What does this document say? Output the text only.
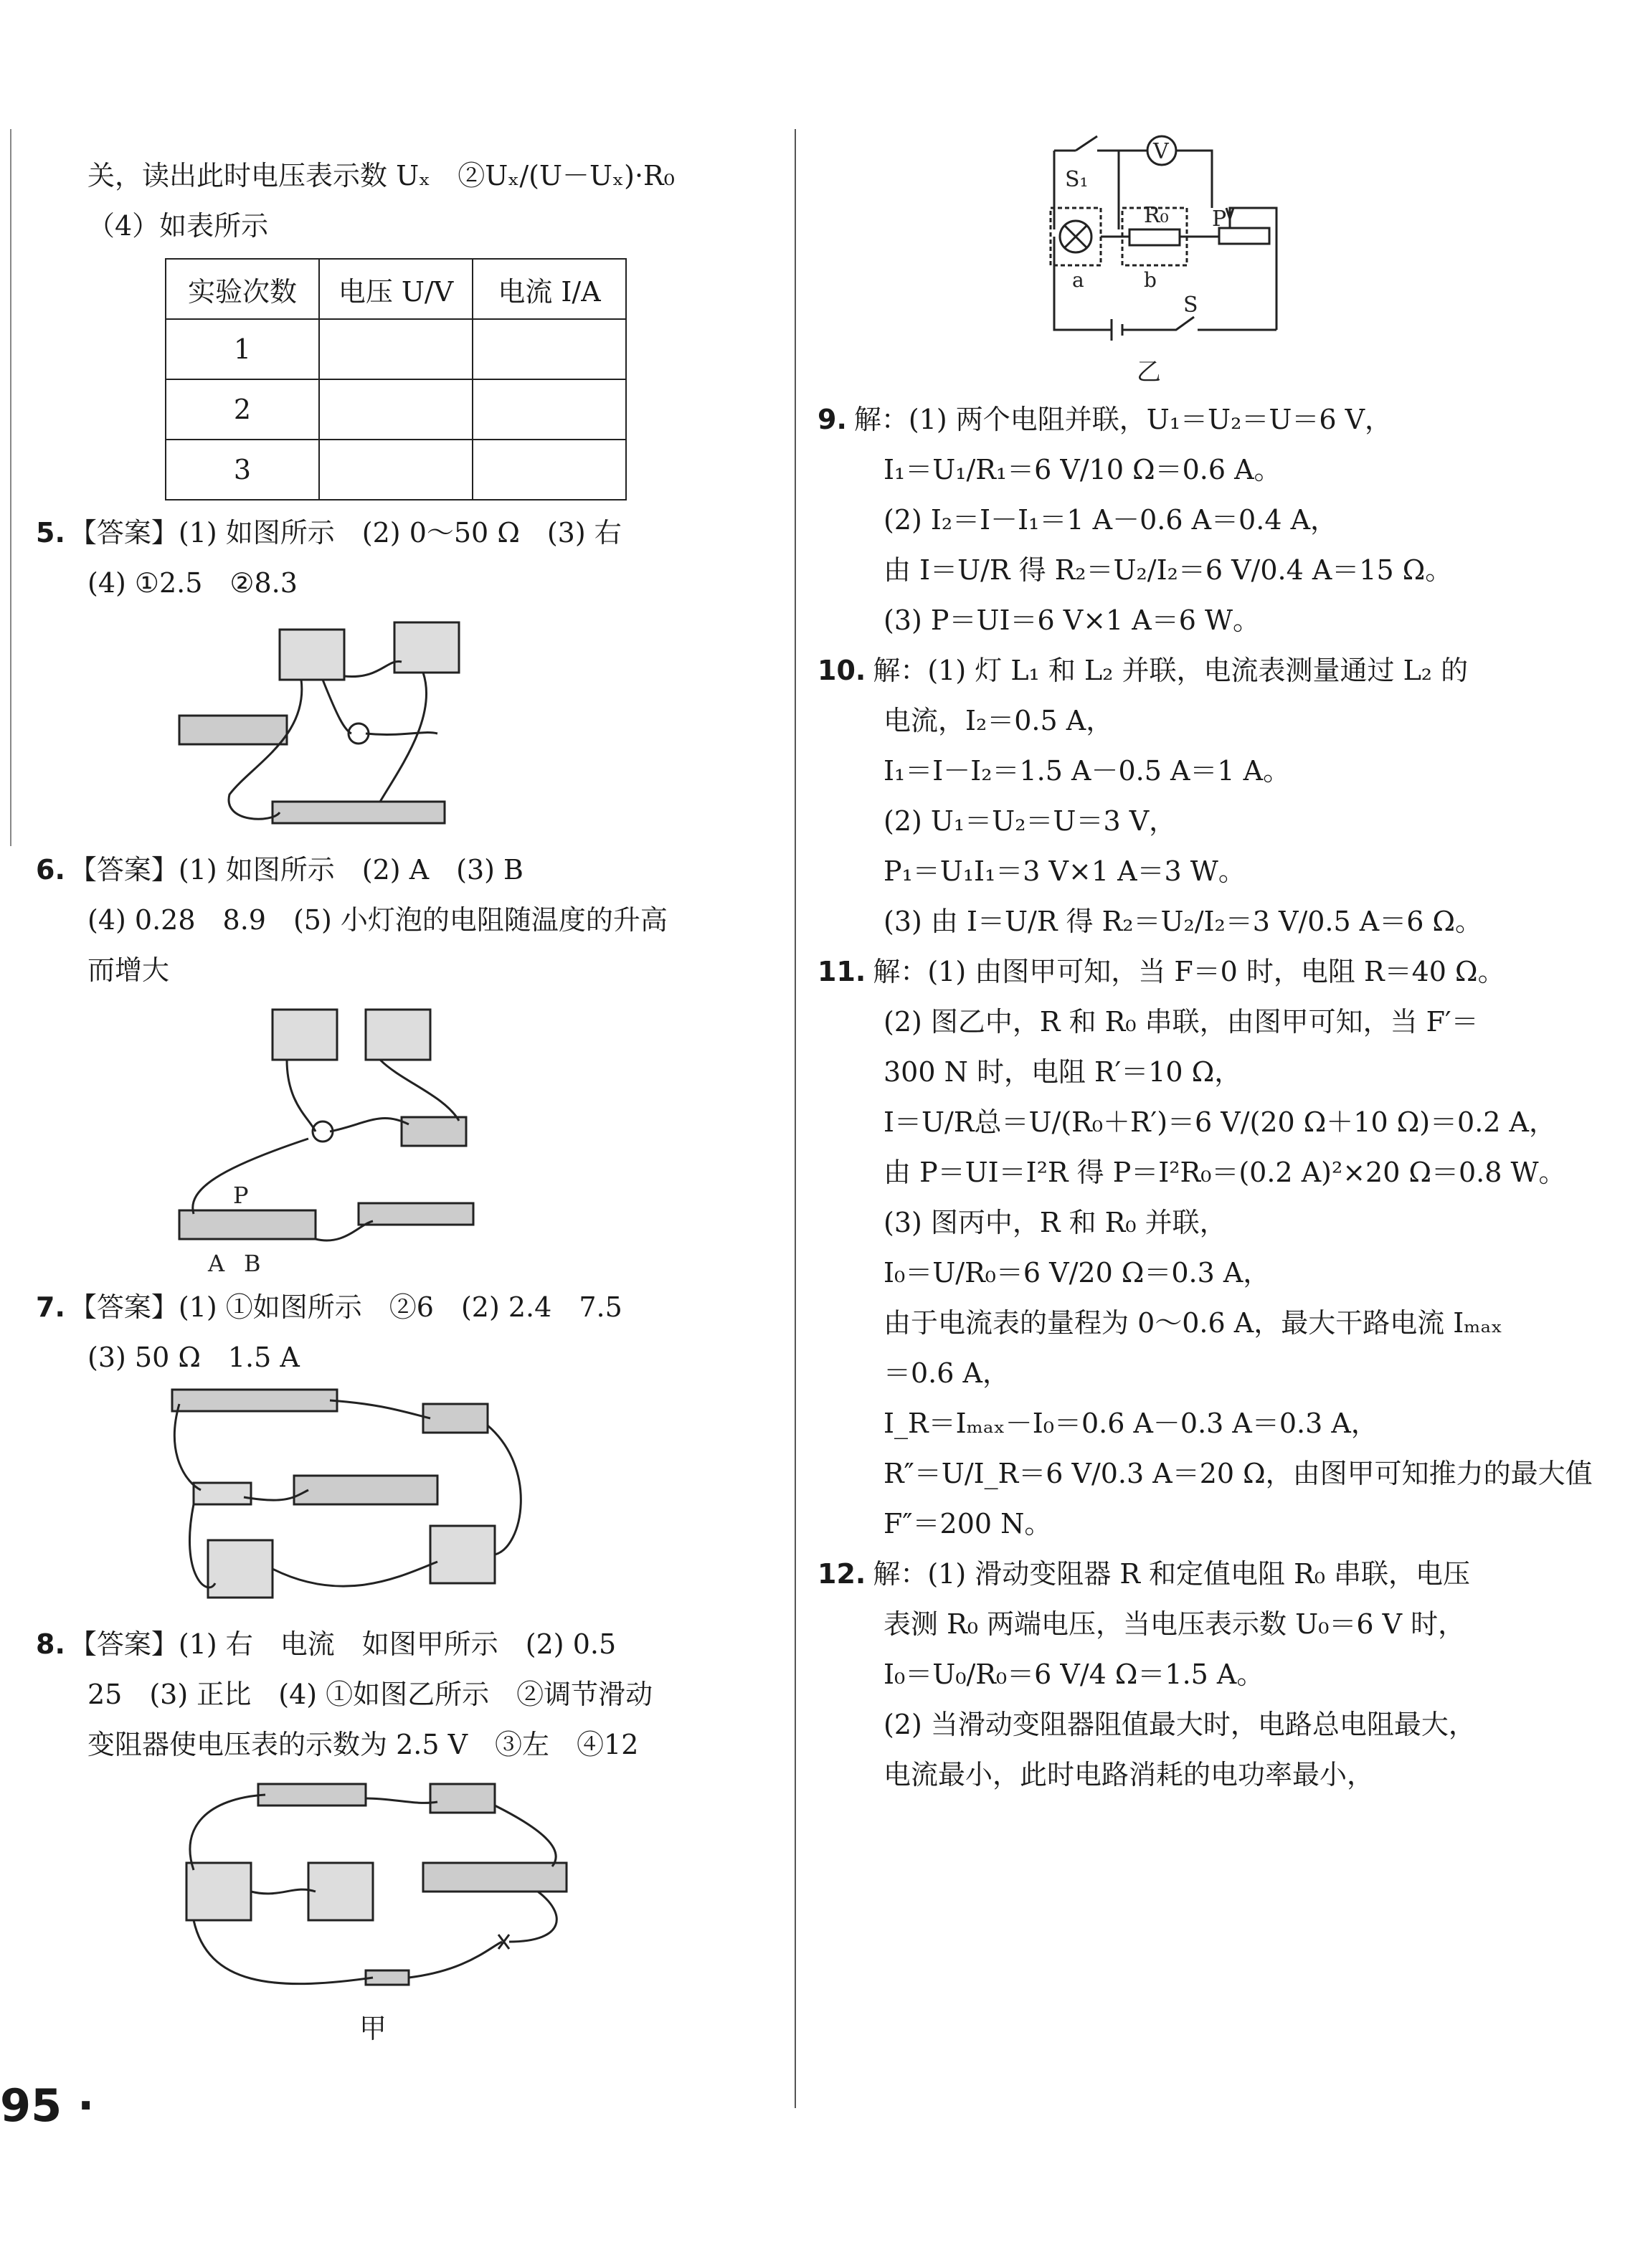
关，读出此时电压表示数 Uₓ　②Uₓ/(U－Uₓ)·R₀
（4）如表所示
实验次数	电压 U/V	电流 I/A
1		
2		
3		
5. 【答案】(1) 如图所示　(2) 0～50 Ω　(3) 右
(4) ①2.5　②8.3
6. 【答案】(1) 如图所示　(2) A　(3) B
(4) 0.28　8.9　(5) 小灯泡的电阻随温度的升高
而增大
P
A B
7. 【答案】(1) ①如图所示　②6　(2) 2.4　7.5
(3) 50 Ω　1.5 A
8. 【答案】(1) 右　电流　如图甲所示　(2) 0.5
25　(3) 正比　(4) ①如图乙所示　②调节滑动
变阻器使电压表的示数为 2.5 V　③左　④12
甲
S₁
V
R₀ P
a	b
S
乙
9. 解：(1) 两个电阻并联，U₁＝U₂＝U＝6 V，
I₁＝U₁/R₁＝6 V/10 Ω＝0.6 A。
(2) I₂＝I－I₁＝1 A－0.6 A＝0.4 A，
由 I＝U/R 得 R₂＝U₂/I₂＝6 V/0.4 A＝15 Ω。
(3) P＝UI＝6 V×1 A＝6 W。
10. 解：(1) 灯 L₁ 和 L₂ 并联，电流表测量通过 L₂ 的
电流，I₂＝0.5 A，
I₁＝I－I₂＝1.5 A－0.5 A＝1 A。
(2) U₁＝U₂＝U＝3 V，
P₁＝U₁I₁＝3 V×1 A＝3 W。
(3) 由 I＝U/R 得 R₂＝U₂/I₂＝3 V/0.5 A＝6 Ω。
11. 解：(1) 由图甲可知，当 F＝0 时，电阻 R＝40 Ω。
(2) 图乙中，R 和 R₀ 串联，由图甲可知，当 F′＝
300 N 时，电阻 R′＝10 Ω，
I＝U/R总＝U/(R₀＋R′)＝6 V/(20 Ω＋10 Ω)＝0.2 A，
由 P＝UI＝I²R 得 P＝I²R₀＝(0.2 A)²×20 Ω＝0.8 W。
(3) 图丙中，R 和 R₀ 并联，
I₀＝U/R₀＝6 V/20 Ω＝0.3 A，
由于电流表的量程为 0～0.6 A，最大干路电流 Iₘₐₓ
＝0.6 A，
I_R＝Iₘₐₓ－I₀＝0.6 A－0.3 A＝0.3 A，
R″＝U/I_R＝6 V/0.3 A＝20 Ω，由图甲可知推力的最大值
F″＝200 N。
12. 解：(1) 滑动变阻器 R 和定值电阻 R₀ 串联，电压
表测 R₀ 两端电压，当电压表示数 U₀＝6 V 时，
I₀＝U₀/R₀＝6 V/4 Ω＝1.5 A。
(2) 当滑动变阻器阻值最大时，电路总电阻最大，
电流最小，此时电路消耗的电功率最小，
95 ·
